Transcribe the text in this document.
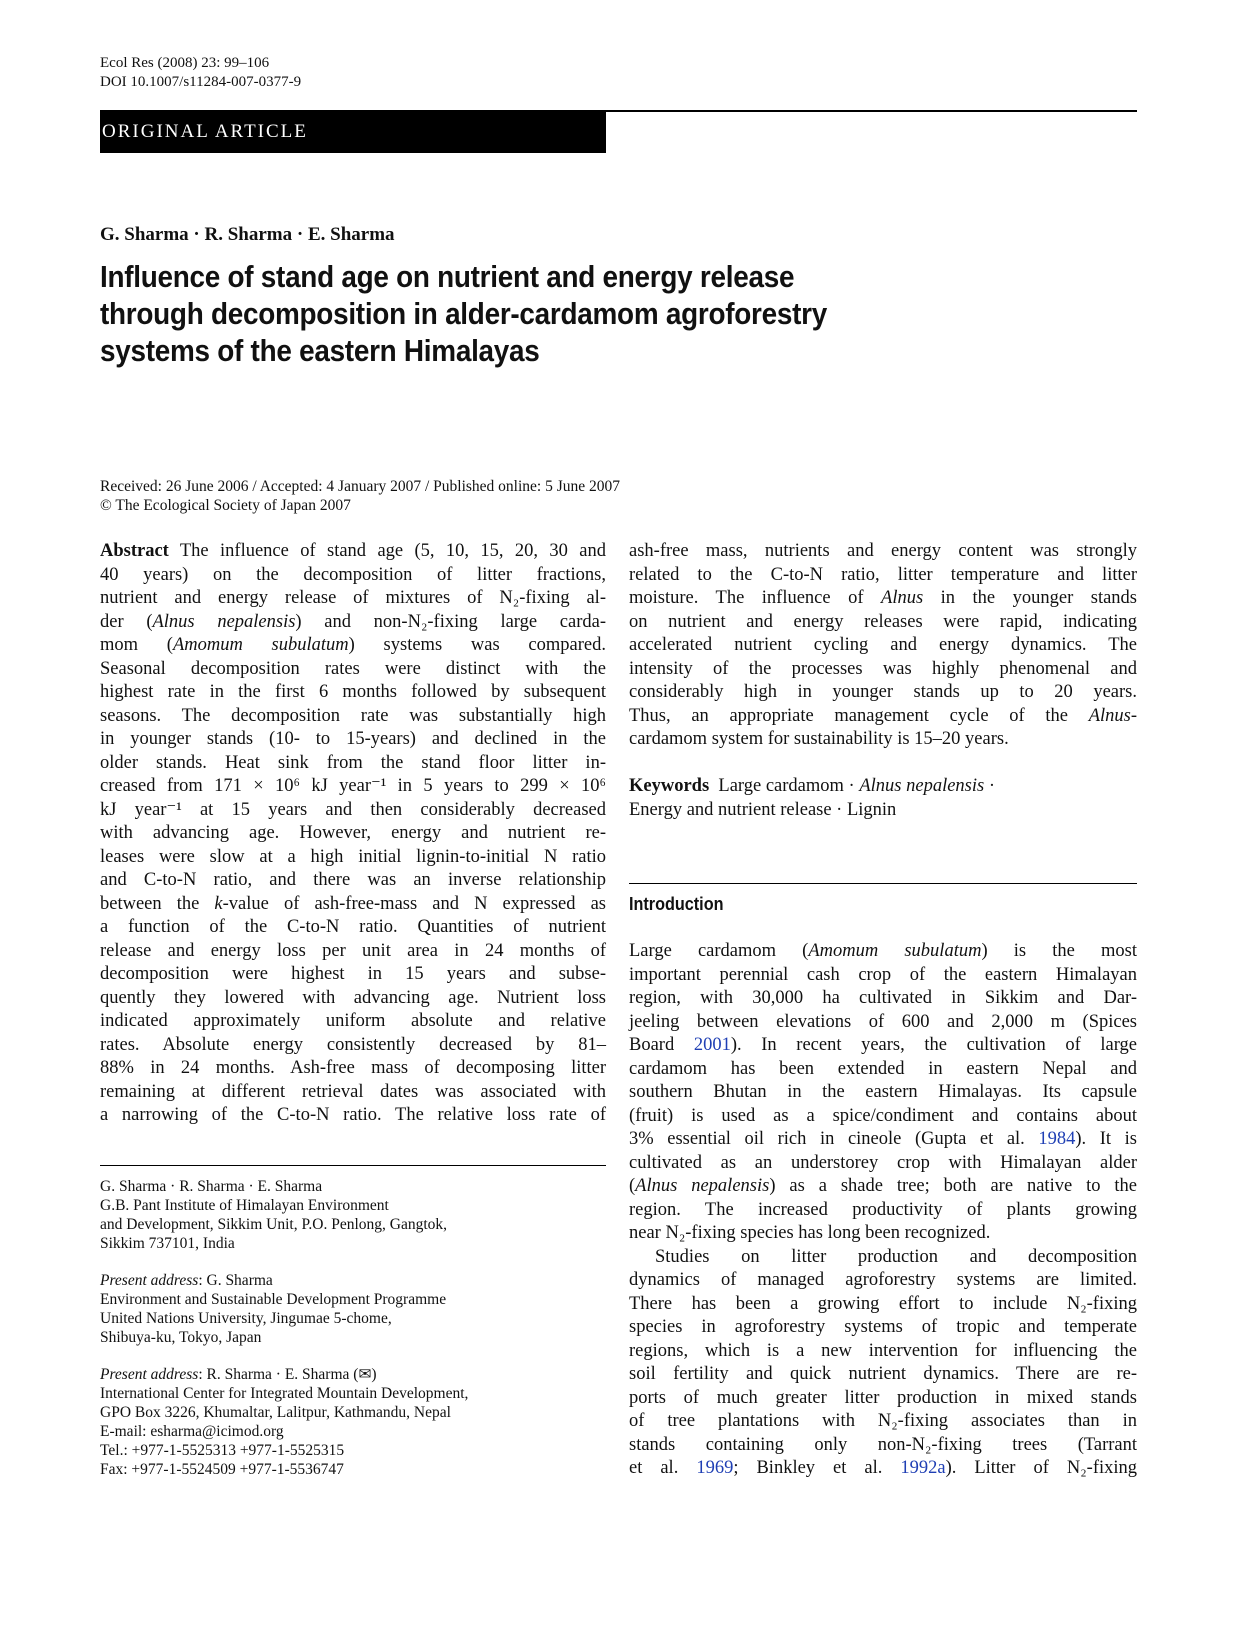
Ecol Res (2008) 23: 99–106
DOI 10.1007/s11284-007-0377-9
ORIGINAL ARTICLE
G. Sharma · R. Sharma · E. Sharma
Influence of stand age on nutrient and energy release
through decomposition in alder-cardamom agroforestry
systems of the eastern Himalayas
Received: 26 June 2006 / Accepted: 4 January 2007 / Published online: 5 June 2007
© The Ecological Society of Japan 2007
Abstract The influence of stand age (5, 10, 15, 20, 30 and
40 years) on the decomposition of litter fractions,
nutrient and energy release of mixtures of N₂-fixing al-
der (Alnus nepalensis) and non-N₂-fixing large carda-
mom (Amomum subulatum) systems was compared.
Seasonal decomposition rates were distinct with the
highest rate in the first 6 months followed by subsequent
seasons. The decomposition rate was substantially high
in younger stands (10- to 15-years) and declined in the
older stands. Heat sink from the stand floor litter in-
creased from 171 × 10⁶ kJ year⁻¹ in 5 years to 299 × 10⁶
kJ year⁻¹ at 15 years and then considerably decreased
with advancing age. However, energy and nutrient re-
leases were slow at a high initial lignin-to-initial N ratio
and C-to-N ratio, and there was an inverse relationship
between the k-value of ash-free-mass and N expressed as
a function of the C-to-N ratio. Quantities of nutrient
release and energy loss per unit area in 24 months of
decomposition were highest in 15 years and subse-
quently they lowered with advancing age. Nutrient loss
indicated approximately uniform absolute and relative
rates. Absolute energy consistently decreased by 81–
88% in 24 months. Ash-free mass of decomposing litter
remaining at different retrieval dates was associated with
a narrowing of the C-to-N ratio. The relative loss rate of
ash-free mass, nutrients and energy content was strongly
related to the C-to-N ratio, litter temperature and litter
moisture. The influence of Alnus in the younger stands
on nutrient and energy releases were rapid, indicating
accelerated nutrient cycling and energy dynamics. The
intensity of the processes was highly phenomenal and
considerably high in younger stands up to 20 years.
Thus, an appropriate management cycle of the Alnus-
cardamom system for sustainability is 15–20 years.
Keywords Large cardamom · Alnus nepalensis ·
Energy and nutrient release · Lignin
G. Sharma · R. Sharma · E. Sharma
G.B. Pant Institute of Himalayan Environment
and Development, Sikkim Unit, P.O. Penlong, Gangtok,
Sikkim 737101, India
Present address: G. Sharma
Environment and Sustainable Development Programme
United Nations University, Jingumae 5-chome,
Shibuya-ku, Tokyo, Japan
Present address: R. Sharma · E. Sharma (✉)
International Center for Integrated Mountain Development,
GPO Box 3226, Khumaltar, Lalitpur, Kathmandu, Nepal
E-mail: esharma@icimod.org
Tel.: +977-1-5525313 +977-1-5525315
Fax: +977-1-5524509 +977-1-5536747
Introduction
Large cardamom (Amomum subulatum) is the most
important perennial cash crop of the eastern Himalayan
region, with 30,000 ha cultivated in Sikkim and Dar-
jeeling between elevations of 600 and 2,000 m (Spices
Board 2001). In recent years, the cultivation of large
cardamom has been extended in eastern Nepal and
southern Bhutan in the eastern Himalayas. Its capsule
(fruit) is used as a spice/condiment and contains about
3% essential oil rich in cineole (Gupta et al. 1984). It is
cultivated as an understorey crop with Himalayan alder
(Alnus nepalensis) as a shade tree; both are native to the
region. The increased productivity of plants growing
near N₂-fixing species has long been recognized.
Studies on litter production and decomposition
dynamics of managed agroforestry systems are limited.
There has been a growing effort to include N₂-fixing
species in agroforestry systems of tropic and temperate
regions, which is a new intervention for influencing the
soil fertility and quick nutrient dynamics. There are re-
ports of much greater litter production in mixed stands
of tree plantations with N₂-fixing associates than in
stands containing only non-N₂-fixing trees (Tarrant
et al. 1969; Binkley et al. 1992a). Litter of N₂-fixing
